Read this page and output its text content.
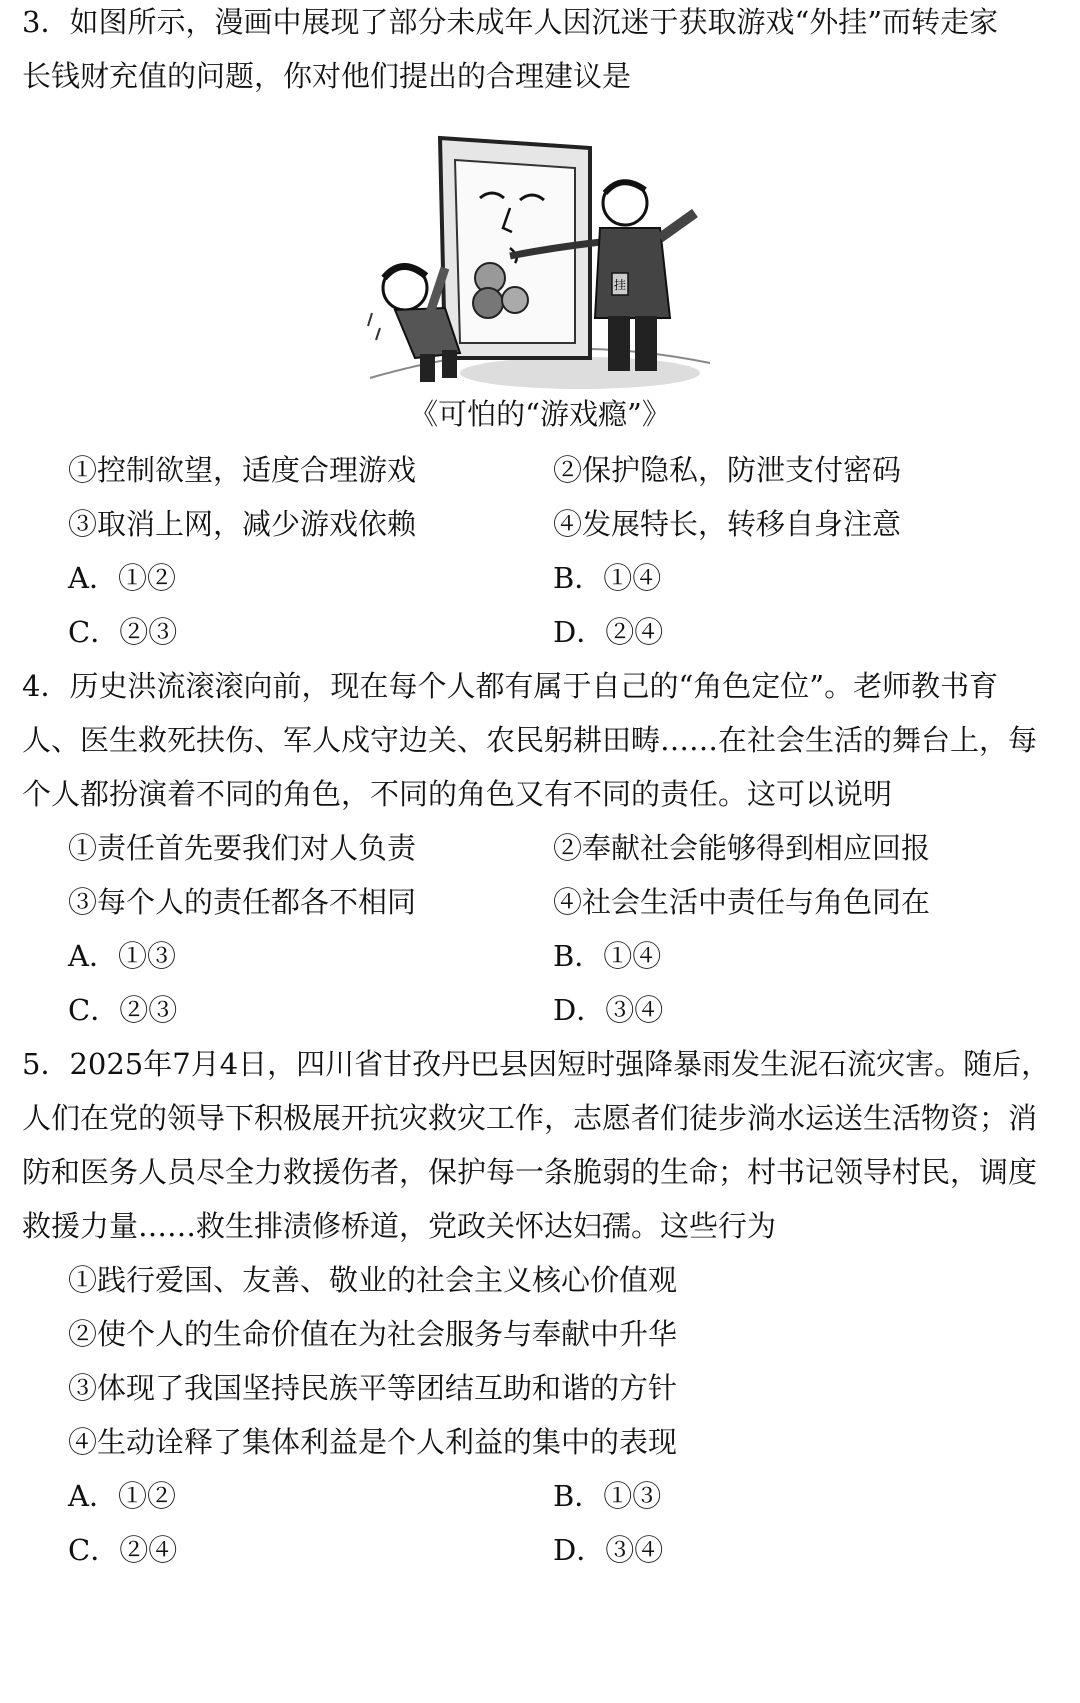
3．如图所示，漫画中展现了部分未成年人因沉迷于获取游戏“外挂”而转走家
长钱财充值的问题，你对他们提出的合理建议是
挂
《可怕的“游戏瘾”》
①控制欲望，适度合理游戏	②保护隐私，防泄支付密码
③取消上网，减少游戏依赖	④发展特长，转移自身注意
A．①②	B．①④
C．②③	D．②④
4．历史洪流滚滚向前，现在每个人都有属于自己的“角色定位”。老师教书育
人、医生救死扶伤、军人戍守边关、农民躬耕田畴……在社会生活的舞台上，每
个人都扮演着不同的角色，不同的角色又有不同的责任。这可以说明
①责任首先要我们对人负责	②奉献社会能够得到相应回报
③每个人的责任都各不相同	④社会生活中责任与角色同在
A．①③	B．①④
C．②③	D．③④
5．2025年7月4日，四川省甘孜丹巴县因短时强降暴雨发生泥石流灾害。随后，
人们在党的领导下积极展开抗灾救灾工作，志愿者们徒步淌水运送生活物资；消
防和医务人员尽全力救援伤者，保护每一条脆弱的生命；村书记领导村民，调度
救援力量……救生排渍修桥道，党政关怀达妇孺。这些行为
①践行爱国、友善、敬业的社会主义核心价值观
②使个人的生命价值在为社会服务与奉献中升华
③体现了我国坚持民族平等团结互助和谐的方针
④生动诠释了集体利益是个人利益的集中的表现
A．①②	B．①③
C．②④	D．③④
